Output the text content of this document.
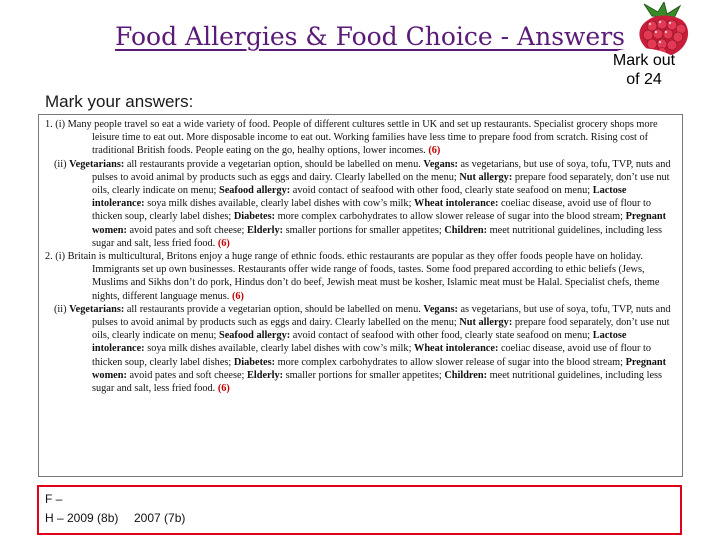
Food Allergies & Food Choice - Answers
Mark out
of 24
Mark your answers:

1. (i) Many people travel so eat a wide variety of food. People of different cultures settle in UK and set up restaurants. Specialist grocery shops more leisure time to eat out. More disposable income to eat out. Working families have less time to prepare food from scratch. Rising cost of traditional British foods. People eating on the go, healhy options, lower incomes. (6)

(ii) Vegetarians: all restaurants provide a vegetarian option, should be labelled on menu. Vegans: as vegetarians, but use of soya, tofu, TVP, nuts and pulses to avoid animal by products such as eggs and dairy. Clearly labelled on the menu; Nut allergy: prepare food separately, don’t use nut oils, clearly indicate on menu; Seafood allergy: avoid contact of seafood with other food, clearly state seafood on menu; Lactose intolerance: soya milk dishes available, clearly label dishes with cow’s milk; Wheat intolerance: coeliac disease, avoid use of flour to thicken soup, clearly label dishes; Diabetes: more complex carbohydrates to allow slower release of sugar into the blood stream; Pregnant women: avoid pates and soft cheese; Elderly: smaller portions for smaller appetites; Children: meet nutritional guidelines, including less sugar and salt, less fried food. (6)

2. (i) Britain is multicultural, Britons enjoy a huge range of ethnic foods. ethic restaurants are popular as they offer foods people have on holiday. Immigrants set up own businesses. Restaurants offer wide range of foods, tastes. Some food prepared according to ethic beliefs (Jews, Muslims and Sikhs don’t do pork, Hindus don’t do beef, Jewish meat must be kosher, Islamic meat must be Halal. Specialist chefs, theme nights, different language menus. (6)

(ii) Vegetarians: all restaurants provide a vegetarian option, should be labelled on menu. Vegans: as vegetarians, but use of soya, tofu, TVP, nuts and pulses to avoid animal by products such as eggs and dairy. Clearly labelled on the menu; Nut allergy: prepare food separately, don’t use nut oils, clearly indicate on menu; Seafood allergy: avoid contact of seafood with other food, clearly state seafood on menu; Lactose intolerance: soya milk dishes available, clearly label dishes with cow’s milk; Wheat intolerance: coeliac disease, avoid use of flour to thicken soup, clearly label dishes; Diabetes: more complex carbohydrates to allow slower release of sugar into the blood stream; Pregnant women: avoid pates and soft cheese; Elderly: smaller portions for smaller appetites; Children: meet nutritional guidelines, including less sugar and salt, less fried food. (6)

F –
H – 2009 (8b) 2007 (7b)
